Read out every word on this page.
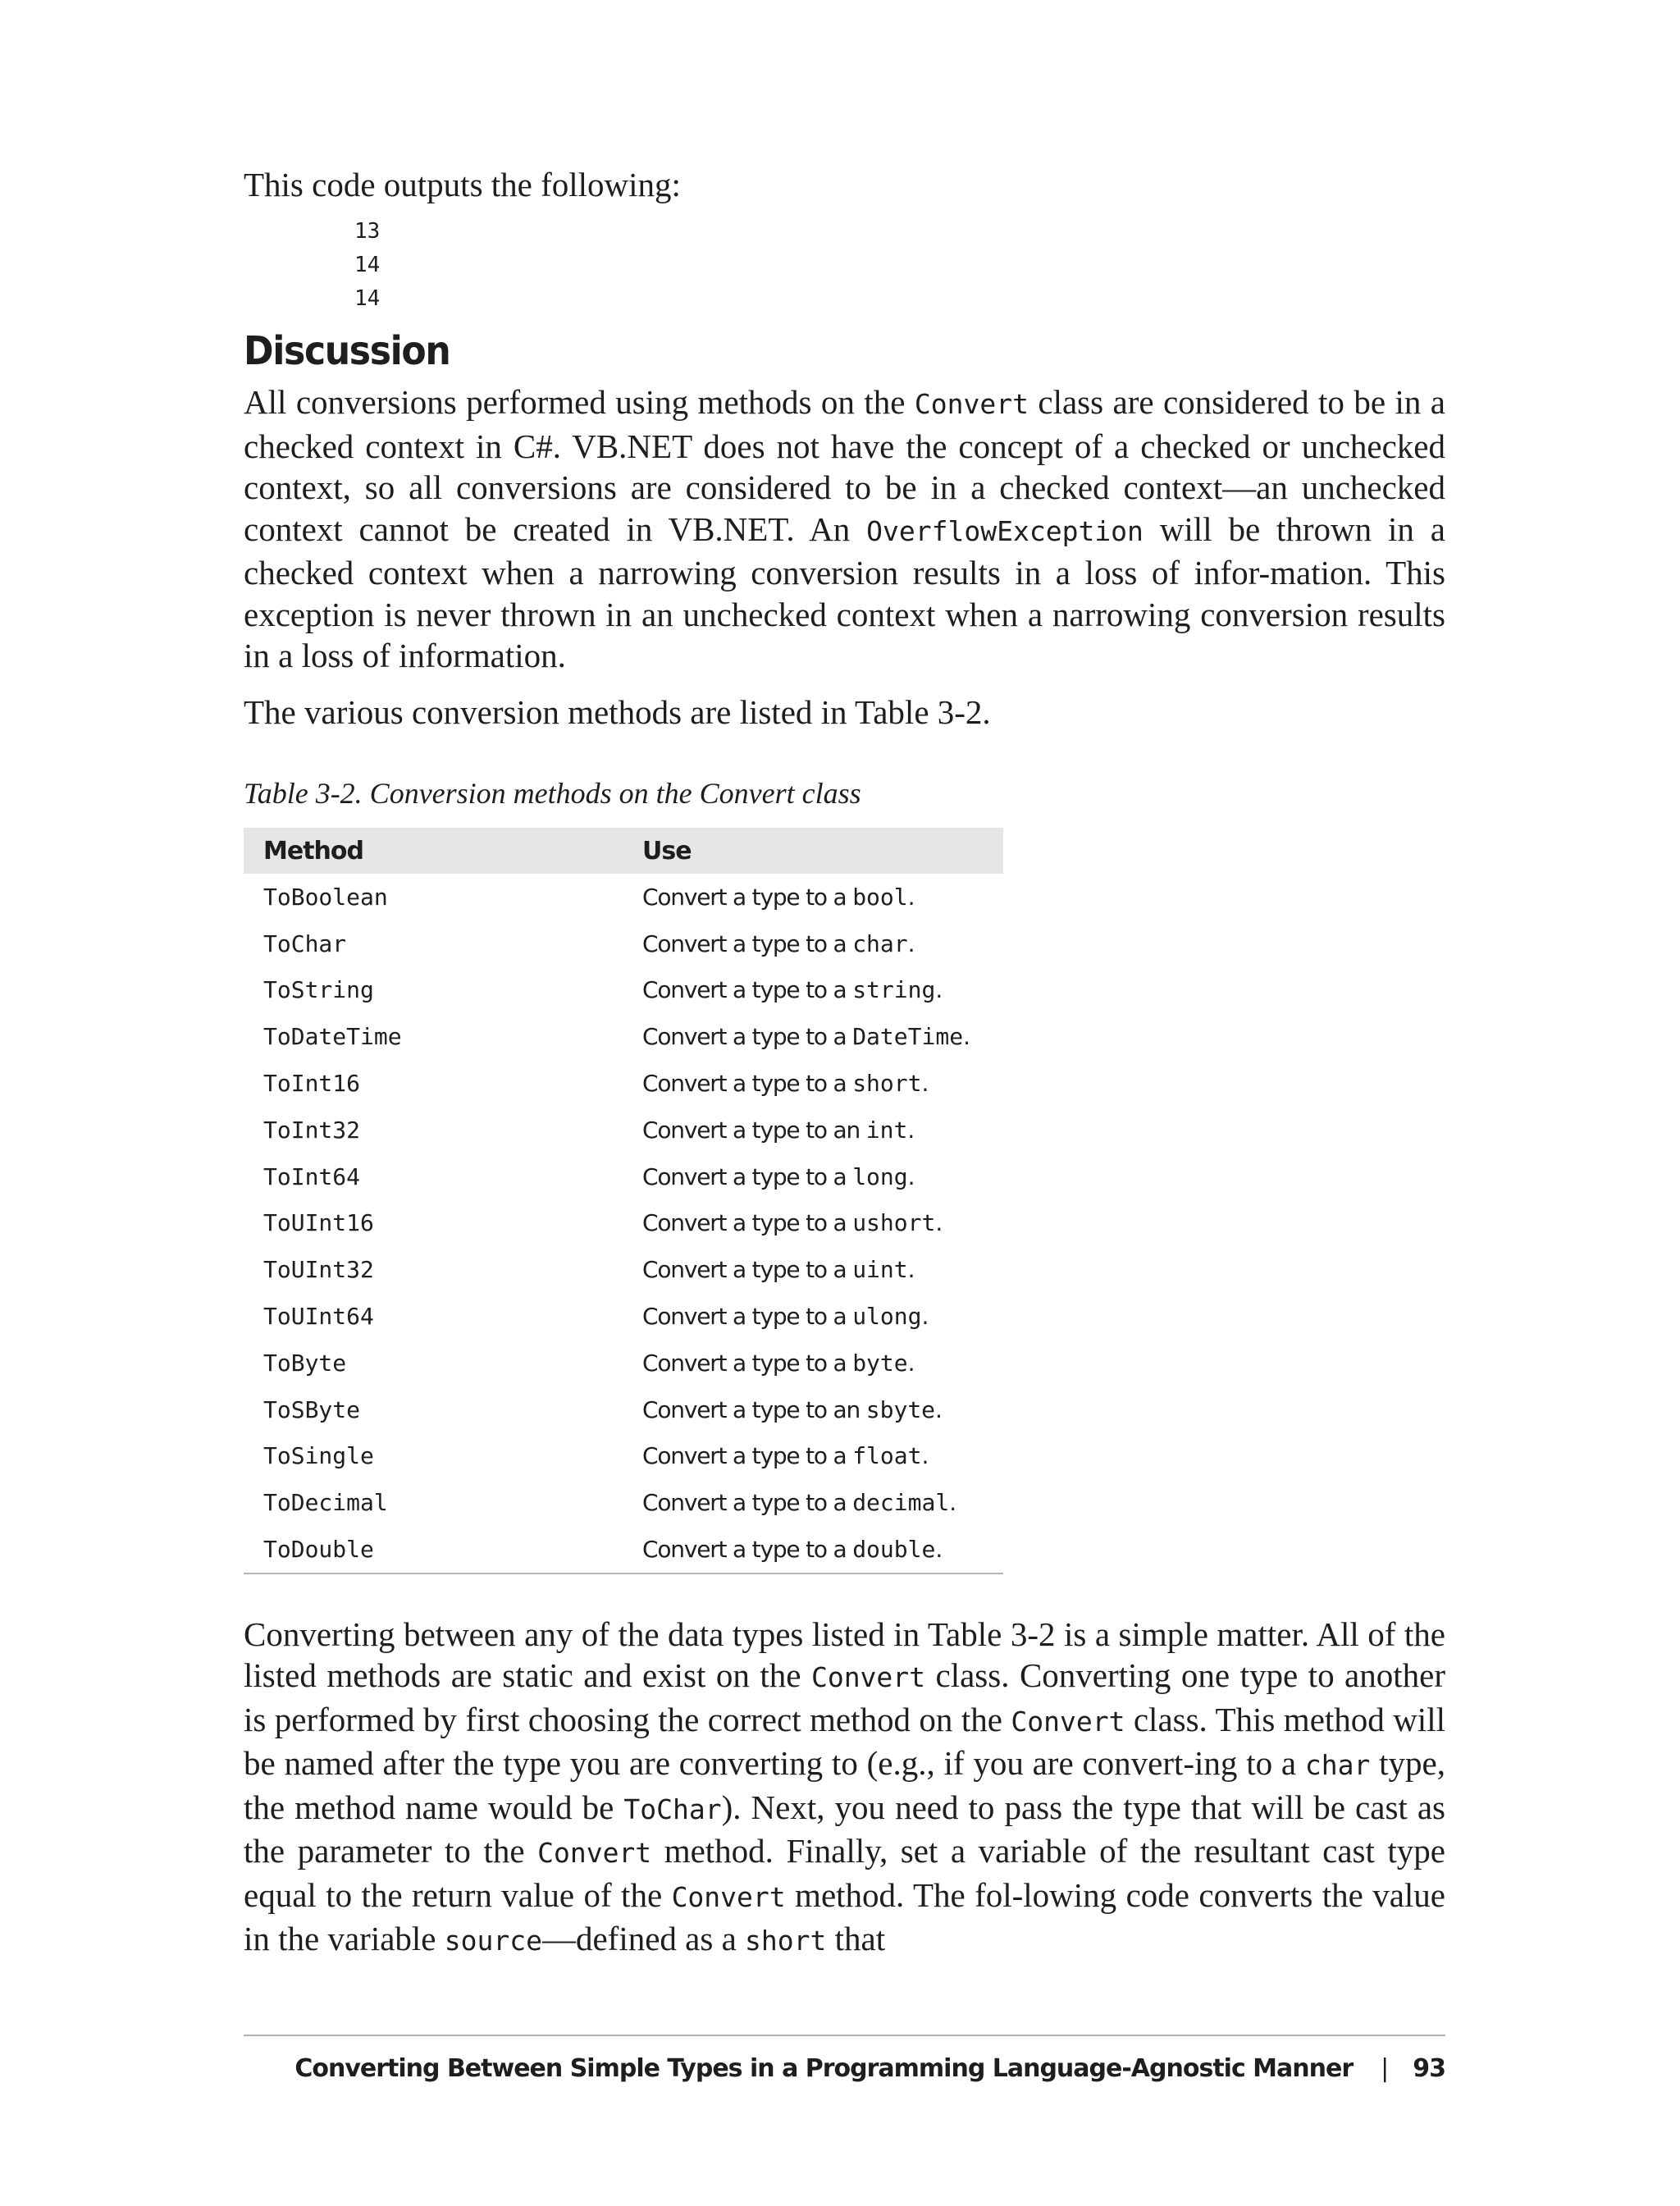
This code outputs the following:

13
14
14
Discussion

All conversions performed using methods on the Convert class are considered to be in a checked context in C#. VB.NET does not have the concept of a checked or unchecked context, so all conversions are considered to be in a checked context—an unchecked context cannot be created in VB.NET. An OverflowException will be thrown in a checked context when a narrowing conversion results in a loss of infor-mation. This exception is never thrown in an unchecked context when a narrowing conversion results in a loss of information.

The various conversion methods are listed in Table 3-2.

Table 3-2. Conversion methods on the Convert class
Method	Use
ToBoolean	Convert a type to a bool.
ToChar	Convert a type to a char.
ToString	Convert a type to a string.
ToDateTime	Convert a type to a DateTime.
ToInt16	Convert a type to a short.
ToInt32	Convert a type to an int.
ToInt64	Convert a type to a long.
ToUInt16	Convert a type to a ushort.
ToUInt32	Convert a type to a uint.
ToUInt64	Convert a type to a ulong.
ToByte	Convert a type to a byte.
ToSByte	Convert a type to an sbyte.
ToSingle	Convert a type to a float.
ToDecimal	Convert a type to a decimal.
ToDouble	Convert a type to a double.

Converting between any of the data types listed in Table 3-2 is a simple matter. All of the listed methods are static and exist on the Convert class. Converting one type to another is performed by first choosing the correct method on the Convert class. This method will be named after the type you are converting to (e.g., if you are convert-ing to a char type, the method name would be ToChar). Next, you need to pass the type that will be cast as the parameter to the Convert method. Finally, set a variable of the resultant cast type equal to the return value of the Convert method. The fol-lowing code converts the value in the variable source—defined as a short that

Converting Between Simple Types in a Programming Language-Agnostic Manner | 93
